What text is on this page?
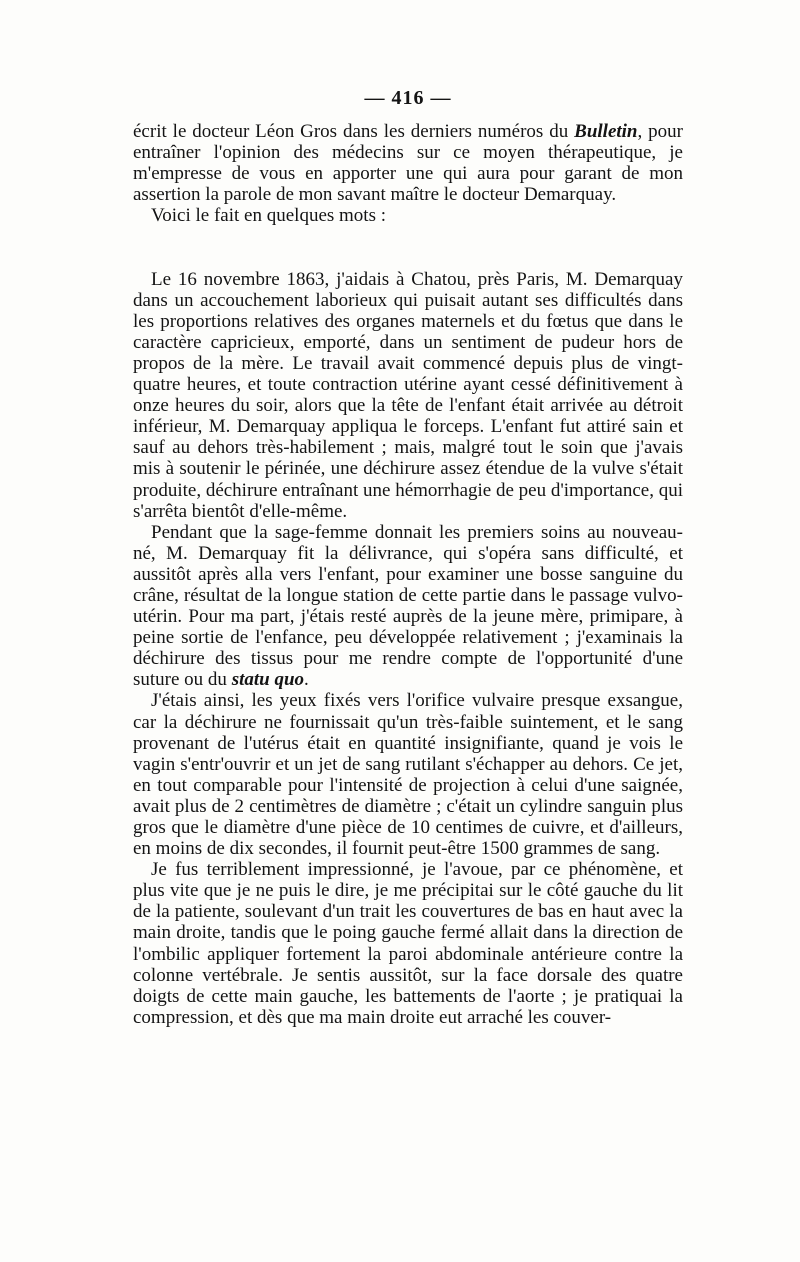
— 416 —

écrit le docteur Léon Gros dans les derniers numéros du Bulletin, pour entraîner l'opinion des médecins sur ce moyen thérapeutique, je m'empresse de vous en apporter une qui aura pour garant de mon assertion la parole de mon savant maître le docteur Demarquay.

Voici le fait en quelques mots :

Le 16 novembre 1863, j'aidais à Chatou, près Paris, M. Demarquay dans un accouchement laborieux qui puisait autant ses difficultés dans les proportions relatives des organes maternels et du fœtus que dans le caractère capricieux, emporté, dans un sentiment de pudeur hors de propos de la mère. Le travail avait commencé depuis plus de vingt-quatre heures, et toute contraction utérine ayant cessé définitivement à onze heures du soir, alors que la tête de l'enfant était arrivée au détroit inférieur, M. Demarquay appliqua le forceps. L'enfant fut attiré sain et sauf au dehors très-habilement ; mais, malgré tout le soin que j'avais mis à soutenir le périnée, une déchirure assez étendue de la vulve s'était produite, déchirure entraînant une hémorrhagie de peu d'importance, qui s'arrêta bientôt d'elle-même.

Pendant que la sage-femme donnait les premiers soins au nouveau-né, M. Demarquay fit la délivrance, qui s'opéra sans difficulté, et aussitôt après alla vers l'enfant, pour examiner une bosse sanguine du crâne, résultat de la longue station de cette partie dans le passage vulvo-utérin. Pour ma part, j'étais resté auprès de la jeune mère, primipare, à peine sortie de l'enfance, peu développée relativement ; j'examinais la déchirure des tissus pour me rendre compte de l'opportunité d'une suture ou du statu quo.

J'étais ainsi, les yeux fixés vers l'orifice vulvaire presque exsangue, car la déchirure ne fournissait qu'un très-faible suintement, et le sang provenant de l'utérus était en quantité insignifiante, quand je vois le vagin s'entr'ouvrir et un jet de sang rutilant s'échapper au dehors. Ce jet, en tout comparable pour l'intensité de projection à celui d'une saignée, avait plus de 2 centimètres de diamètre ; c'était un cylindre sanguin plus gros que le diamètre d'une pièce de 10 centimes de cuivre, et d'ailleurs, en moins de dix secondes, il fournit peut-être 1500 grammes de sang.

Je fus terriblement impressionné, je l'avoue, par ce phénomène, et plus vite que je ne puis le dire, je me précipitai sur le côté gauche du lit de la patiente, soulevant d'un trait les couvertures de bas en haut avec la main droite, tandis que le poing gauche fermé allait dans la direction de l'ombilic appliquer fortement la paroi abdominale antérieure contre la colonne vertébrale. Je sentis aussitôt, sur la face dorsale des quatre doigts de cette main gauche, les battements de l'aorte ; je pratiquai la compression, et dès que ma main droite eut arraché les couver-
